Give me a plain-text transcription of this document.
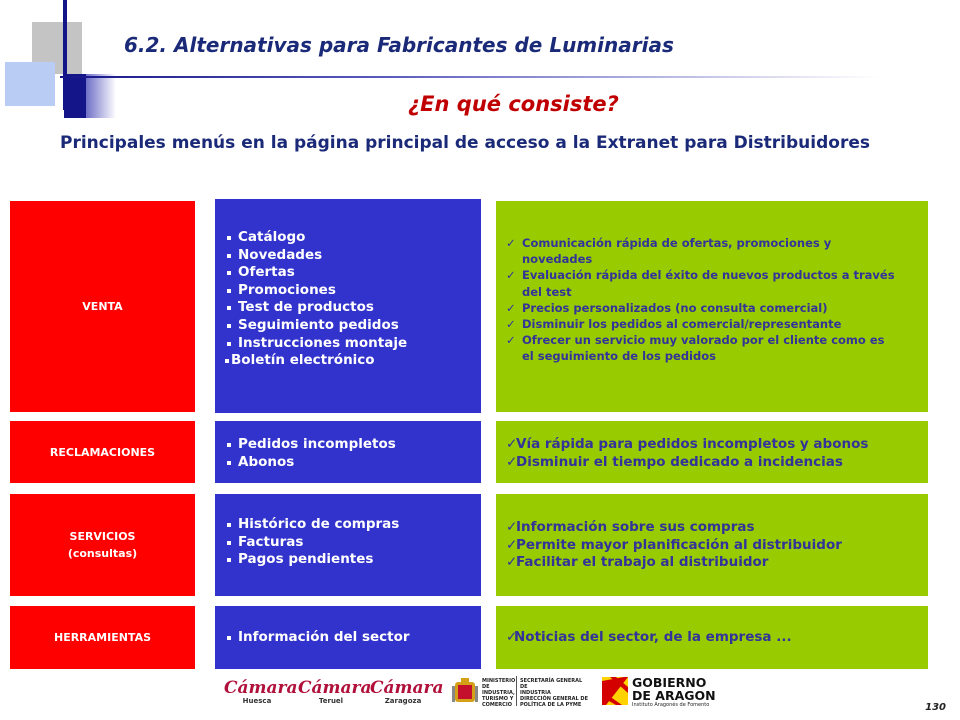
6.2. Alternativas para Fabricantes de Luminarias
¿En qué consiste?
Principales menús en la página principal de acceso a la Extranet para Distribuidores
VENTA
Catálogo
Novedades
Ofertas
Promociones
Test de productos
Seguimiento pedidos
Instrucciones montaje
Boletín electrónico
✓ Comunicación rápida de ofertas, promociones y novedades
✓ Evaluación rápida del éxito de nuevos productos a través del test
✓ Precios personalizados (no consulta comercial)
✓ Disminuir los pedidos al comercial/representante
✓ Ofrecer un servicio muy valorado por el cliente como es el seguimiento de los pedidos
RECLAMACIONES	Pedidos incompletos
Abonos
✓ Vía rápida para pedidos incompletos y abonos
✓ Disminuir el tiempo dedicado a incidencias
SERVICIOS
(consultas)
Histórico de compras
Facturas
Pagos pendientes
✓ Información sobre sus compras
✓ Permite mayor planificación al distribuidor
✓ Facilitar el trabajo al distribuidor
HERRAMIENTAS	Información del sector
✓	Noticias del sector, de la empresa ...
Cámara
Huesca
Cámara
Teruel
Cámara
Zaragoza
MINISTERIO
DE INDUSTRIA,
TURISMO Y
COMERCIO
SECRETARÍA GENERAL DE
INDUSTRIA
DIRECCIÓN GENERAL DE
POLÍTICA DE LA PYME
GOBIERNO
DE ARAGON
Instituto Aragonés de Fomento	130
